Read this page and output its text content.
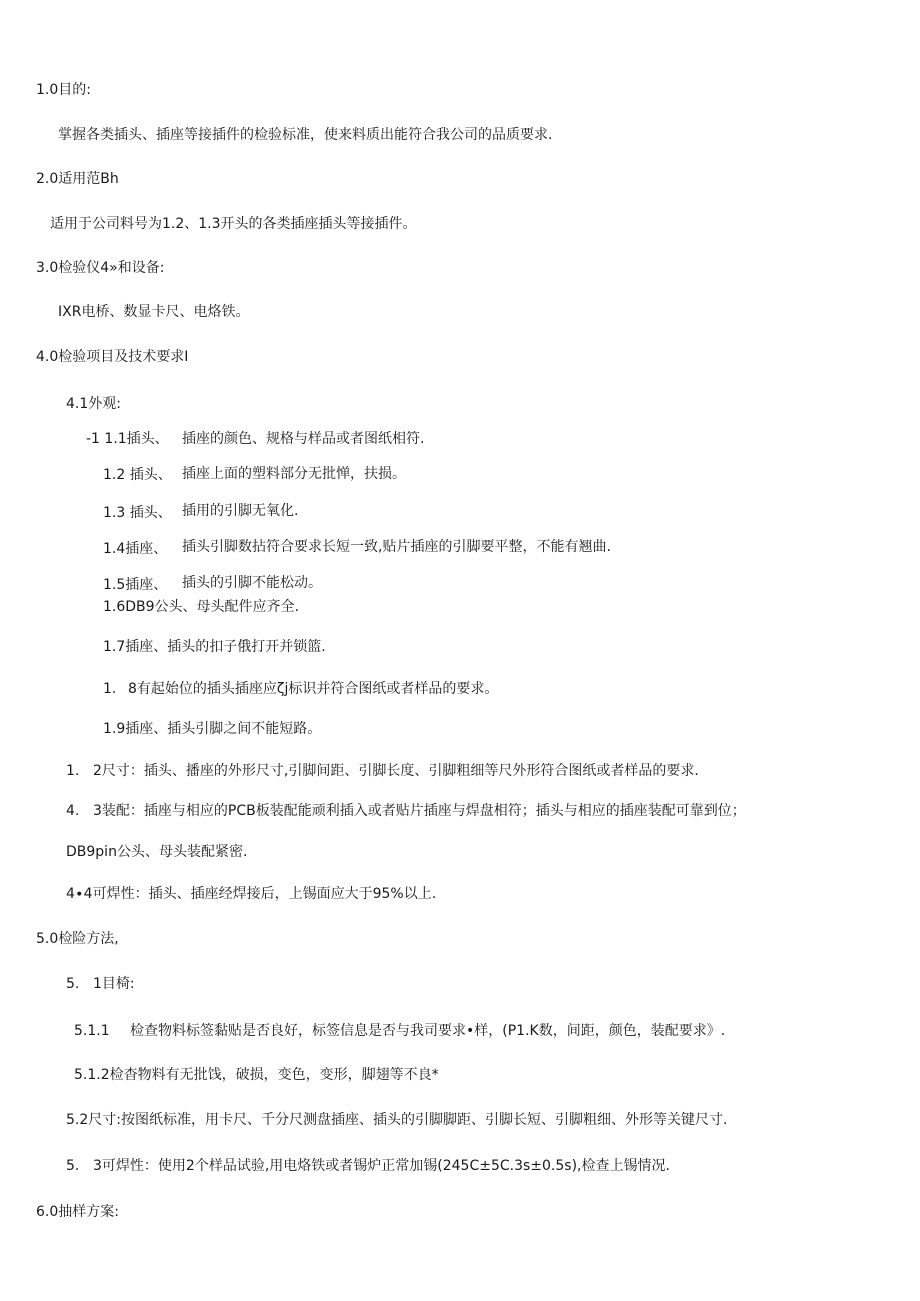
1.0目的:
掌握各类插头、插座等接插件的检验标准，使来料质出能符合我公司的品质要求.
2.0适用范Bh
适用于公司料号为1.2、1.3开头的各类插座插头等接插件。
3.0检验仪4»和设备:
IXR电桥、数显卡尺、电烙铁。
4.0检验项目及技术要求I
4.1外观:
-1 1.1插头、 插座的颜色、规格与样品或者图纸相符.
1.2 插头、 插座上面的塑料部分无批惮，扶损。
1.3 插头、 插用的引脚无氧化.
1.4插座、 插头引脚数拈符合要求长短一致,贴片插座的引脚要平整，不能有翘曲.
1.5插座、 插头的引脚不能松动。
1.6DB9公头、母头配件应齐全.
1.7插座、插头的扣子俄打开并锁篮.
1. 8有起始位的插头插座应ζj标识并符合图纸或者样品的要求。
1.9插座、插头引脚之间不能短路。
1. 2尺寸：插头、播座的外形尺寸,引脚间距、引脚长度、引脚粗细等尺外形符合图纸或者样品的要求.
4. 3装配：插座与相应的PCB板装配能顽利插入或者贴片插座与焊盘相符；插头与相应的插座装配可靠到位；
DB9pin公头、母头装配紧密.
4∙4可焊性：插头、插座经焊接后，上锡面应大于95%以上.
5.0检险方法,
5. 1目椅:
5.1.1 检查物料标签黏贴是否良好，标签信息是否与我司要求•样，(P1.K数，间距，颜色，装配要求》.
5.1.2检杳物料有无批饯，破损，变色，变形，脚翅等不良*
5.2尺寸:按图纸标准，用卡尺、千分尺测盘插座、插头的引脚脚距、引脚长短、引脚粗细、外形等关键尺寸.
5. 3可焊性：使用2个样品试验,用电烙铁或者锡炉正常加锡(245C±5C.3s±0.5s),检查上锡情况.
6.0抽样方案:
